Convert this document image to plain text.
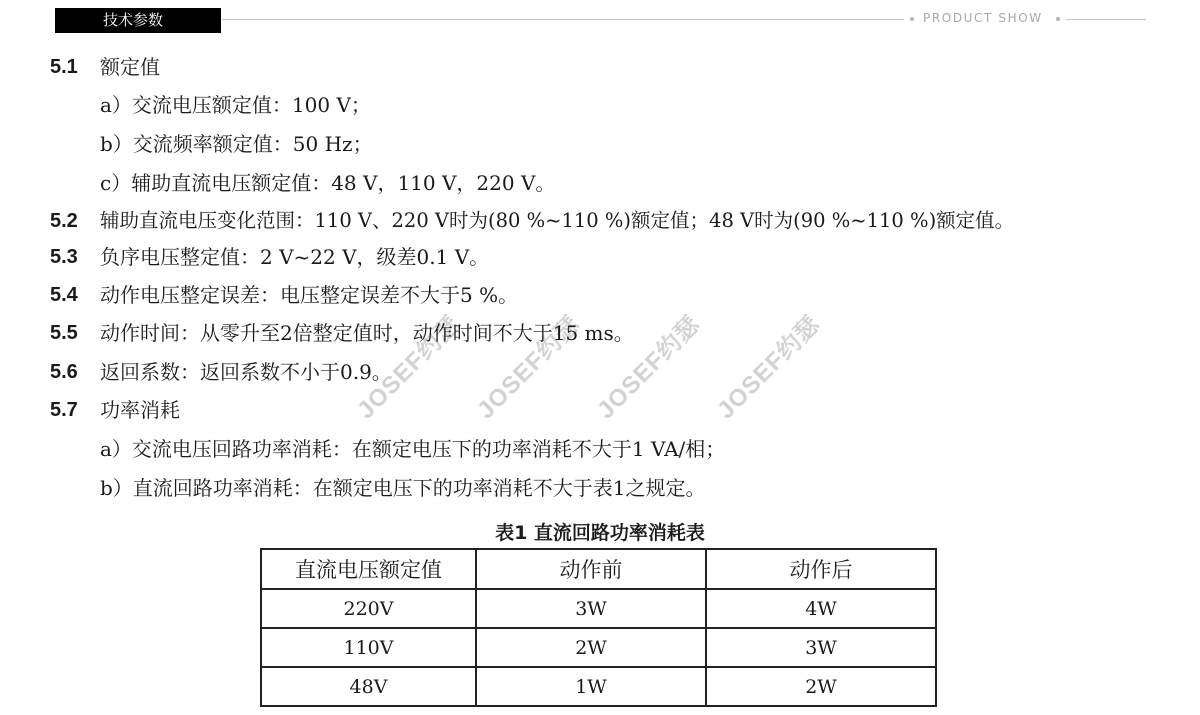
技术参数	PRODUCT SHOW
JOSEF约瑟 JOSEF约瑟 JOSEF约瑟 JOSEF约瑟
5.1 额定值
a）交流电压额定值：100 V；
b）交流频率额定值：50 Hz；
c）辅助直流电压额定值：48 V，110 V，220 V。
5.2 辅助直流电压变化范围：110 V、220 V时为(80 %~110 %)额定值；48 V时为(90 %~110 %)额定值。
5.3 负序电压整定值：2 V~22 V，级差0.1 V。
5.4 动作电压整定误差：电压整定误差不大于5 %。
5.5 动作时间：从零升至2倍整定值时，动作时间不大于15 ms。
5.6 返回系数：返回系数不小于0.9。
5.7 功率消耗
a）交流电压回路功率消耗：在额定电压下的功率消耗不大于1 VA/相；
b）直流回路功率消耗：在额定电压下的功率消耗不大于表1之规定。
表1 直流回路功率消耗表
直流电压额定值	动作前	动作后
220V	3W	4W
110V	2W	3W
48V	1W	2W
